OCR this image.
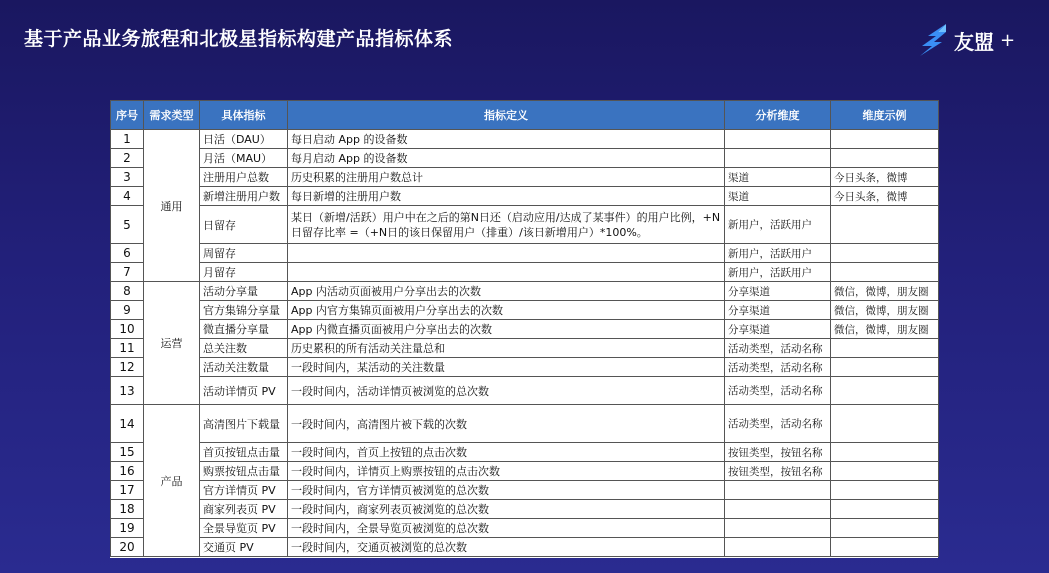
基于产品业务旅程和北极星指标构建产品指标体系	友盟 +
序号	需求类型	具体指标	指标定义	分析维度	维度示例
1	通用	日活（DAU）	每日启动 App 的设备数		
2		月活（MAU）	每月启动 App 的设备数		
3		注册用户总数	历史积累的注册用户数总计	渠道	今日头条，微博
4		新增注册用户数	每日新增的注册用户数	渠道	今日头条，微博
5		日留存	某日（新增/活跃）用户中在之后的第N日还（启动应用/达成了某事件）的用户比例，+N日留存比率 =（+N日的该日保留用户（排重）/该日新增用户）*100%。	新用户，活跃用户	
6		周留存		新用户，活跃用户	
7		月留存		新用户，活跃用户	
8	运营	活动分享量	App 内活动页面被用户分享出去的次数	分享渠道	微信，微博，朋友圈
9		官方集锦分享量	App 内官方集锦页面被用户分享出去的次数	分享渠道	微信，微博，朋友圈
10		微直播分享量	App 内微直播页面被用户分享出去的次数	分享渠道	微信，微博，朋友圈
11		总关注数	历史累积的所有活动关注量总和	活动类型，活动名称	
12		活动关注数量	一段时间内，某活动的关注数量	活动类型，活动名称	
13		活动详情页 PV	一段时间内，活动详情页被浏览的总次数	活动类型，活动名称	
14	产品	高清图片下载量	一段时间内，高清图片被下载的次数	活动类型，活动名称	
15		首页按钮点击量	一段时间内，首页上按钮的点击次数	按钮类型，按钮名称	
16		购票按钮点击量	一段时间内，详情页上购票按钮的点击次数	按钮类型，按钮名称	
17		官方详情页 PV	一段时间内，官方详情页被浏览的总次数		
18		商家列表页 PV	一段时间内，商家列表页被浏览的总次数		
19		全景导览页 PV	一段时间内，全景导览页被浏览的总次数		
20		交通页 PV	一段时间内，交通页被浏览的总次数		
